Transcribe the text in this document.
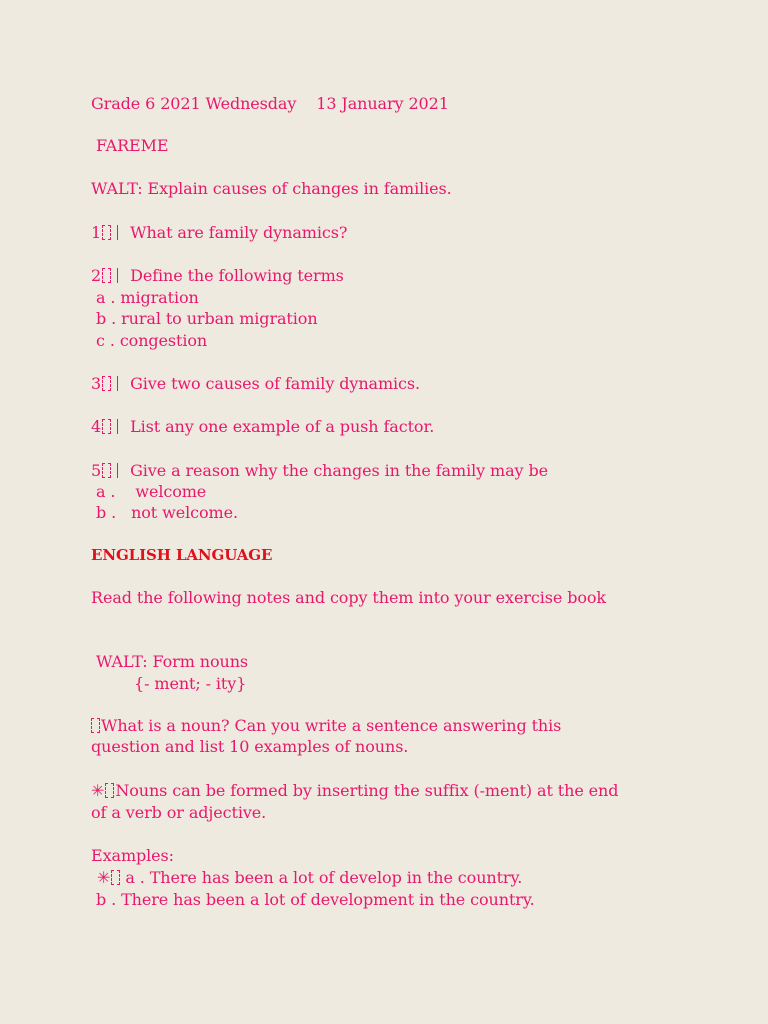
Grade 6 2021 Wednesday    13 January 2021
FAREME
WALT: Explain causes of changes in families.
1 What are family dynamics?
2 Define the following terms
a . migration
b . rural to urban migration
c . congestion
3 Give two causes of family dynamics.
4 List any one example of a push factor.
5 Give a reason why the changes in the family may be
a .    welcome
b .   not welcome.
ENGLISH LANGUAGE
Read the following notes and copy them into your exercise book
WALT: Form nouns
{- ment; - ity}
What is a noun? Can you write a sentence answering this
question and list 10 examples of nouns.
✳ Nouns can be formed by inserting the suffix (-ment) at the end
of a verb or adjective.
Examples:
✳ a . There has been a lot of develop in the country.
b . There has been a lot of development in the country.
